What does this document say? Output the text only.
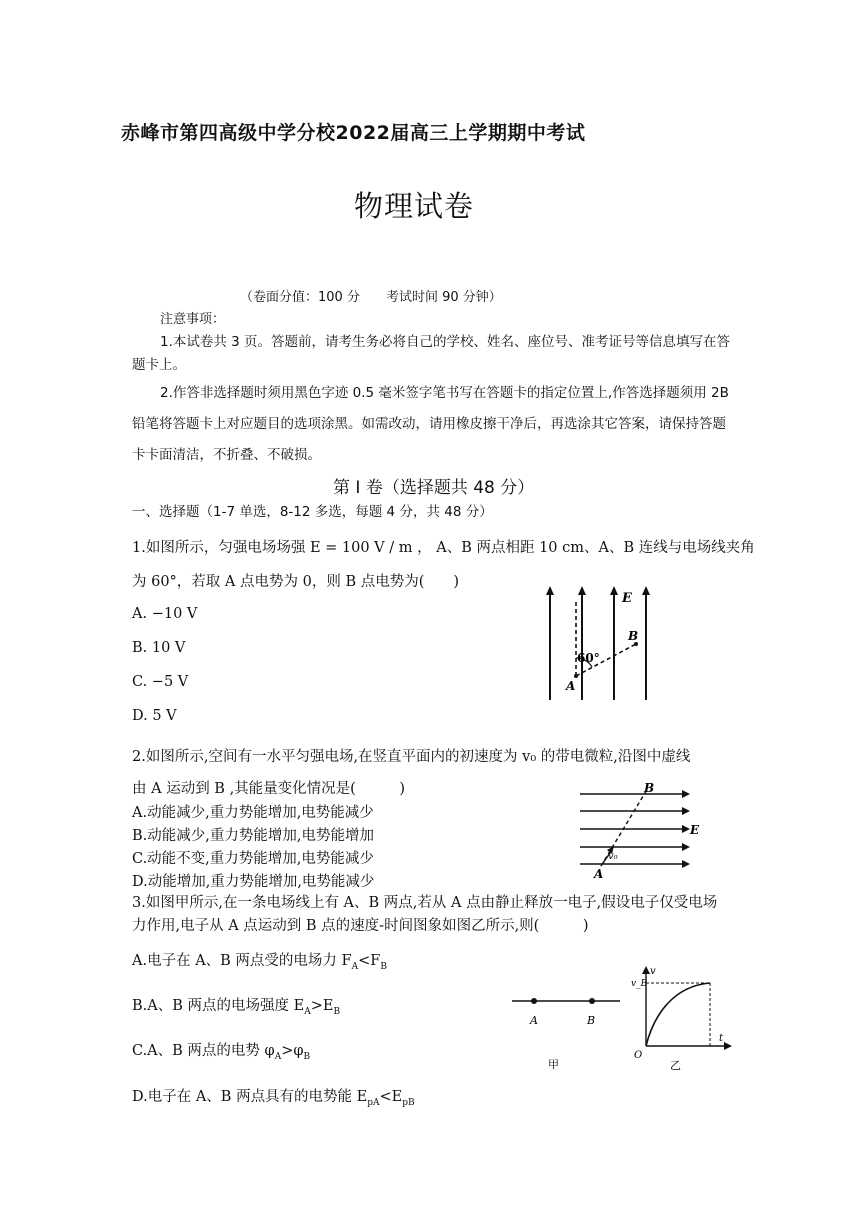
赤峰市第四高级中学分校2022届高三上学期期中考试
物理试卷
（卷面分值：100 分　　考试时间 90 分钟）
注意事项：
1.本试卷共 3 页。答题前，请考生务必将自己的学校、姓名、座位号、准考证号等信息填写在答题卡上。
2.作答非选择题时须用黑色字迹 0.5 毫米签字笔书写在答题卡的指定位置上,作答选择题须用 2B 铅笔将答题卡上对应题目的选项涂黑。如需改动，请用橡皮擦干净后，再选涂其它答案，请保持答题卡卡面清洁，不折叠、不破损。
第 I 卷（选择题共 48 分）
一、选择题（1-7 单选，8-12 多选，每题 4 分，共 48 分）
1.如图所示，匀强电场场强 E = 100 V / m ， A、B 两点相距 10 cm、A、B 连线与电场线夹角
为 60°，若取 A 点电势为 0，则 B 点电势为(　　)
A. −10 V
B. 10 V
C. −5 V
D. 5 V
E
B
A
60°
2.如图所示,空间有一水平匀强电场,在竖直平面内的初速度为 v₀ 的带电微粒,沿图中虚线
由 A 运动到 B ,其能量变化情况是(　　　)
A.动能减少,重力势能增加,电势能减少
B.动能减少,重力势能增加,电势能增加
C.动能不变,重力势能增加,电势能减少
D.动能增加,重力势能增加,电势能减少
B
E
v₀
A
3.如图甲所示,在一条电场线上有 A、B 两点,若从 A 点由静止释放一电子,假设电子仅受电场
力作用,电子从 A 点运动到 B 点的速度-时间图象如图乙所示,则(　　　)
A.电子在 A、B 两点受的电场力 $F_A<F_B$
B.A、B 两点的电场强度 $E_A>E_B$
C.A、B 两点的电势 $\varphi_A>\varphi_B$
D.电子在 A、B 两点具有的电势能 $E_{pA}<E_{pB}$
A	B
甲
v
v_B
t
O
乙
